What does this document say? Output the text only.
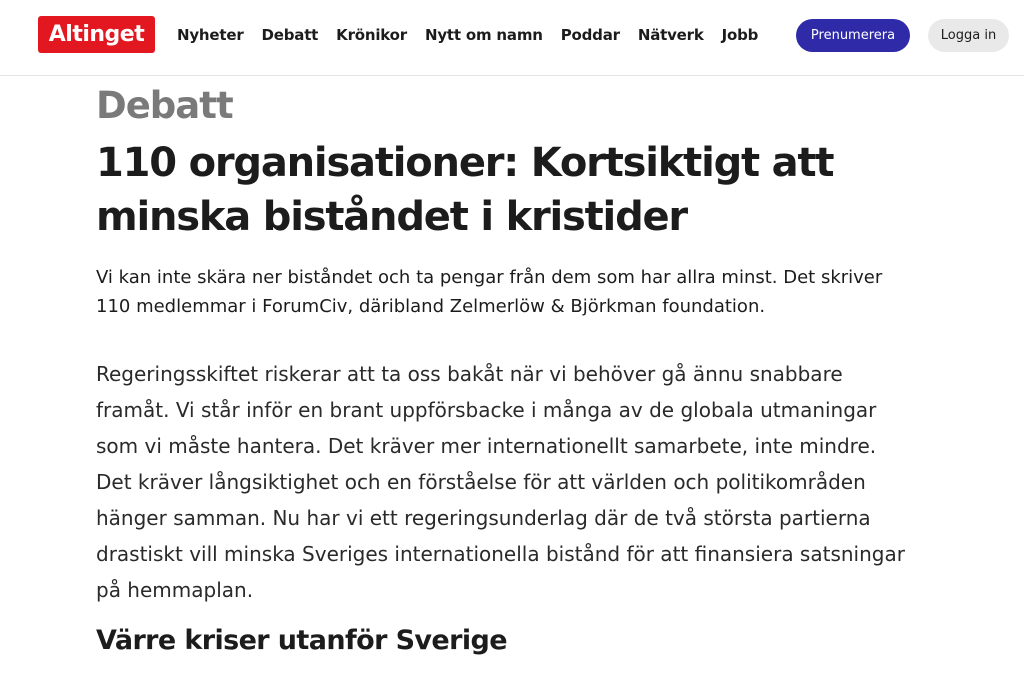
Altinget	Nyheter Debatt Krönikor Nytt om namn Poddar Nätverk Jobb	Prenumerera	Logga in
Debatt
110 organisationer: Kortsiktigt att minska biståndet i kristider

Vi kan inte skära ner biståndet och ta pengar från dem som har allra minst. Det skriver 110 medlemmar i ForumCiv, däribland Zelmerlöw & Björkman foundation.

Regeringsskiftet riskerar att ta oss bakåt när vi behöver gå ännu snabbare framåt. Vi står inför en brant uppförsbacke i många av de globala utmaningar som vi måste hantera. Det kräver mer internationellt samarbete, inte mindre. Det kräver långsiktighet och en förståelse för att världen och politikområden hänger samman. Nu har vi ett regeringsunderlag där de två största partierna drastiskt vill minska Sveriges internationella bistånd för att finansiera satsningar på hemmaplan.

Värre kriser utanför Sverige
